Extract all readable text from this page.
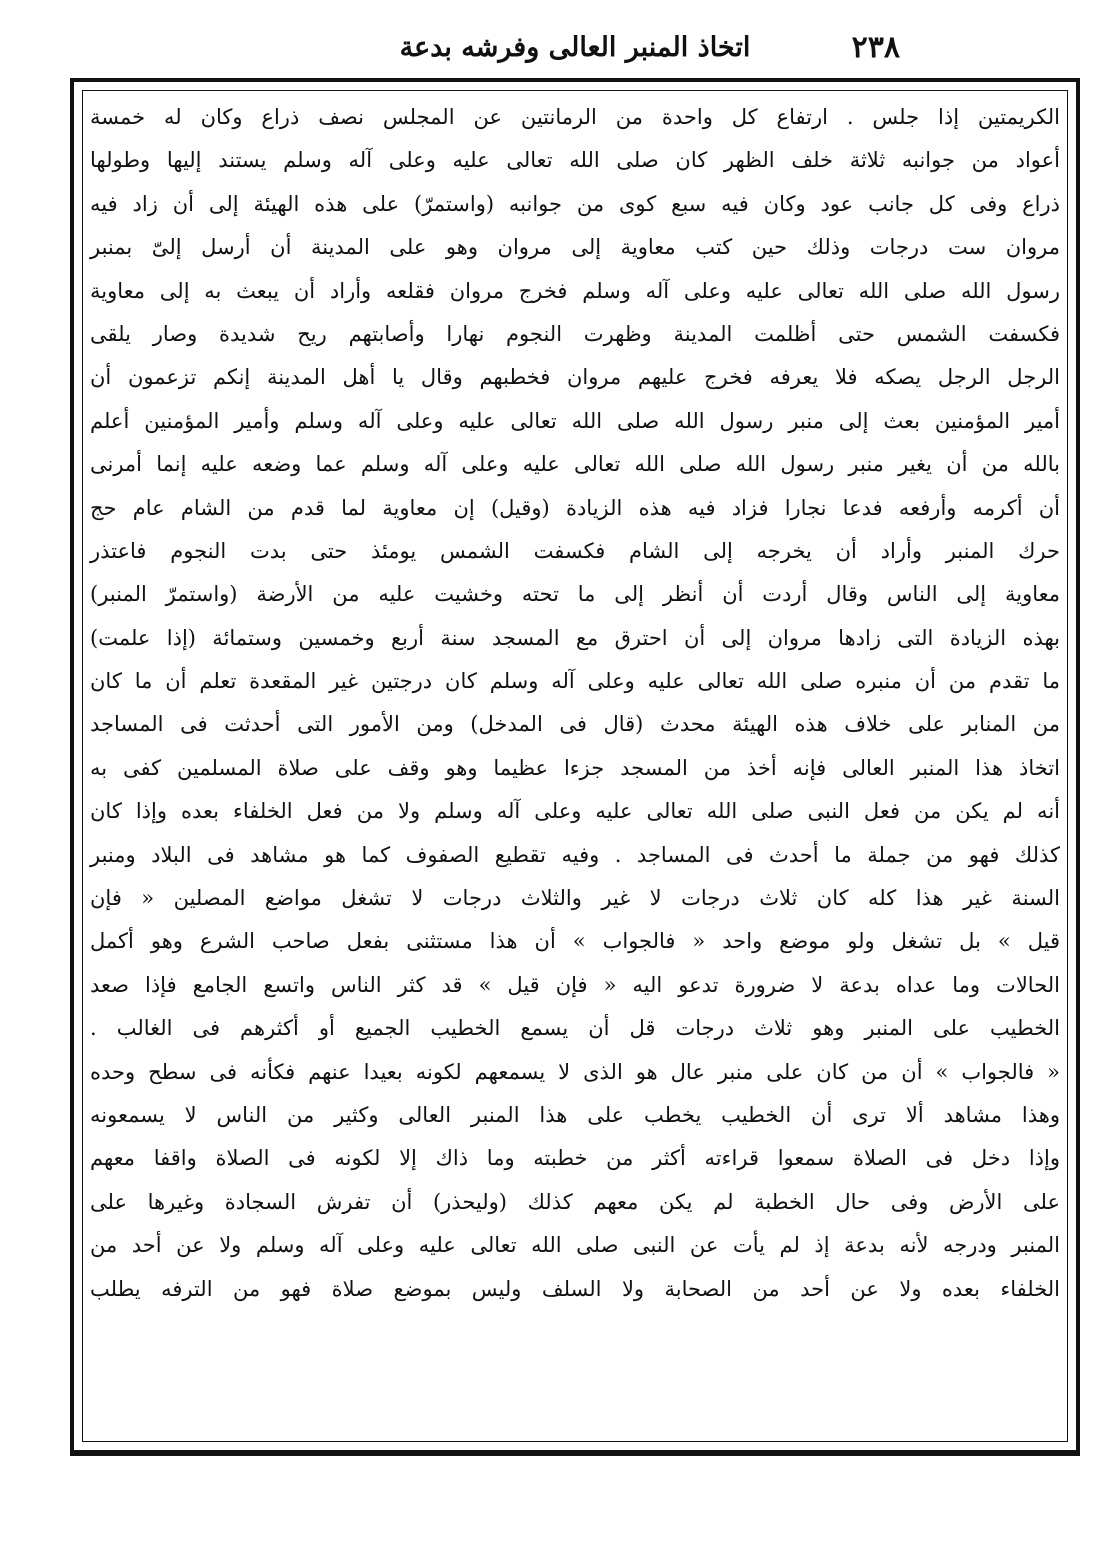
٢٣٨
اتخاذ المنبر العالى وفرشه بدعة
الكريمتين إذا جلس . ارتفاع كل واحدة من الرمانتين عن المجلس نصف ذراع وكان له خمسة
أعواد من جوانبه ثلاثة خلف الظهر كان صلى الله تعالى عليه وعلى آله وسلم يستند إليها وطولها
ذراع وفى كل جانب عود وكان فيه سبع كوى من جوانبه (واستمرّ) على هذه الهيئة إلى أن زاد فيه
مروان ست درجات وذلك حين كتب معاوية إلى مروان وهو على المدينة أن أرسل إلىّ بمنبر
رسول الله صلى الله تعالى عليه وعلى آله وسلم فخرج مروان فقلعه وأراد أن يبعث به إلى معاوية
فكسفت الشمس حتى أظلمت المدينة وظهرت النجوم نهارا وأصابتهم ريح شديدة وصار يلقى
الرجل الرجل يصكه فلا يعرفه فخرج عليهم مروان فخطبهم وقال يا أهل المدينة إنكم تزعمون أن
أمير المؤمنين بعث إلى منبر رسول الله صلى الله تعالى عليه وعلى آله وسلم وأمير المؤمنين أعلم
بالله من أن يغير منبر رسول الله صلى الله تعالى عليه وعلى آله وسلم عما وضعه عليه إنما أمرنى
أن أكرمه وأرفعه فدعا نجارا فزاد فيه هذه الزيادة (وقيل) إن معاوية لما قدم من الشام عام حج
حرك المنبر وأراد أن يخرجه إلى الشام فكسفت الشمس يومئذ حتى بدت النجوم فاعتذر
معاوية إلى الناس وقال أردت أن أنظر إلى ما تحته وخشيت عليه من الأرضة (واستمرّ المنبر)
بهذه الزيادة التى زادها مروان إلى أن احترق مع المسجد سنة أربع وخمسين وستمائة (إذا علمت)
ما تقدم من أن منبره صلى الله تعالى عليه وعلى آله وسلم كان درجتين غير المقعدة تعلم أن ما كان
من المنابر على خلاف هذه الهيئة محدث (قال فى المدخل) ومن الأمور التى أحدثت فى المساجد
اتخاذ هذا المنبر العالى فإنه أخذ من المسجد جزءا عظيما وهو وقف على صلاة المسلمين كفى به
أنه لم يكن من فعل النبى صلى الله تعالى عليه وعلى آله وسلم ولا من فعل الخلفاء بعده وإذا كان
كذلك فهو من جملة ما أحدث فى المساجد . وفيه تقطيع الصفوف كما هو مشاهد فى البلاد ومنبر
السنة غير هذا كله كان ثلاث درجات لا غير والثلاث درجات لا تشغل مواضع المصلين « فإن
قيل » بل تشغل ولو موضع واحد « فالجواب » أن هذا مستثنى بفعل صاحب الشرع وهو أكمل
الحالات وما عداه بدعة لا ضرورة تدعو اليه « فإن قيل » قد كثر الناس واتسع الجامع فإذا صعد
الخطيب على المنبر وهو ثلاث درجات قل أن يسمع الخطيب الجميع أو أكثرهم فى الغالب .
« فالجواب » أن من كان على منبر عال هو الذى لا يسمعهم لكونه بعيدا عنهم فكأنه فى سطح وحده
وهذا مشاهد ألا ترى أن الخطيب يخطب على هذا المنبر العالى وكثير من الناس لا يسمعونه
وإذا دخل فى الصلاة سمعوا قراءته أكثر من خطبته وما ذاك إلا لكونه فى الصلاة واقفا معهم
على الأرض وفى حال الخطبة لم يكن معهم كذلك (وليحذر) أن تفرش السجادة وغيرها على
المنبر ودرجه لأنه بدعة إذ لم يأت عن النبى صلى الله تعالى عليه وعلى آله وسلم ولا عن أحد من
الخلفاء بعده ولا عن أحد من الصحابة ولا السلف وليس بموضع صلاة فهو من الترفه يطلب
